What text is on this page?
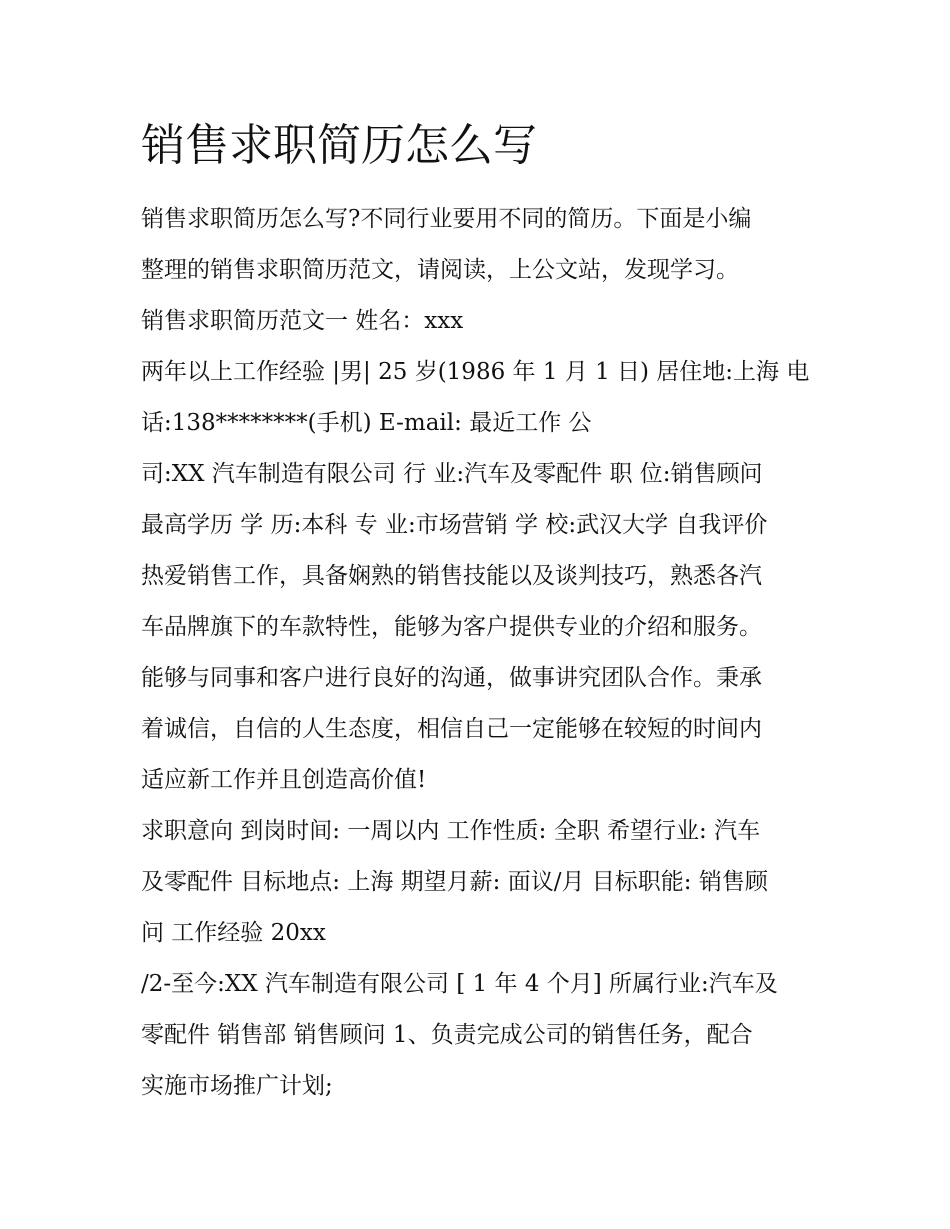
销售求职简历怎么写
销售求职简历怎么写?不同行业要用不同的简历。下面是小编
整理的销售求职简历范文，请阅读，上公文站，发现学习。
销售求职简历范文一 姓名：xxx
两年以上工作经验 |男| 25 岁(1986 年 1 月 1 日) 居住地:上海 电
话:138********(手机) E-mail: 最近工作 公
司:XX 汽车制造有限公司 行 业:汽车及零配件 职 位:销售顾问
最高学历 学 历:本科 专 业:市场营销 学 校:武汉大学 自我评价
热爱销售工作，具备娴熟的销售技能以及谈判技巧，熟悉各汽
车品牌旗下的车款特性，能够为客户提供专业的介绍和服务。
能够与同事和客户进行良好的沟通，做事讲究团队合作。秉承
着诚信，自信的人生态度，相信自己一定能够在较短的时间内
适应新工作并且创造高价值!
求职意向 到岗时间: 一周以内 工作性质: 全职 希望行业: 汽车
及零配件 目标地点: 上海 期望月薪: 面议/月 目标职能: 销售顾
问 工作经验 20xx
/2-至今:XX 汽车制造有限公司 [ 1 年 4 个月] 所属行业:汽车及
零配件 销售部 销售顾问 1、负责完成公司的销售任务，配合
实施市场推广计划;
